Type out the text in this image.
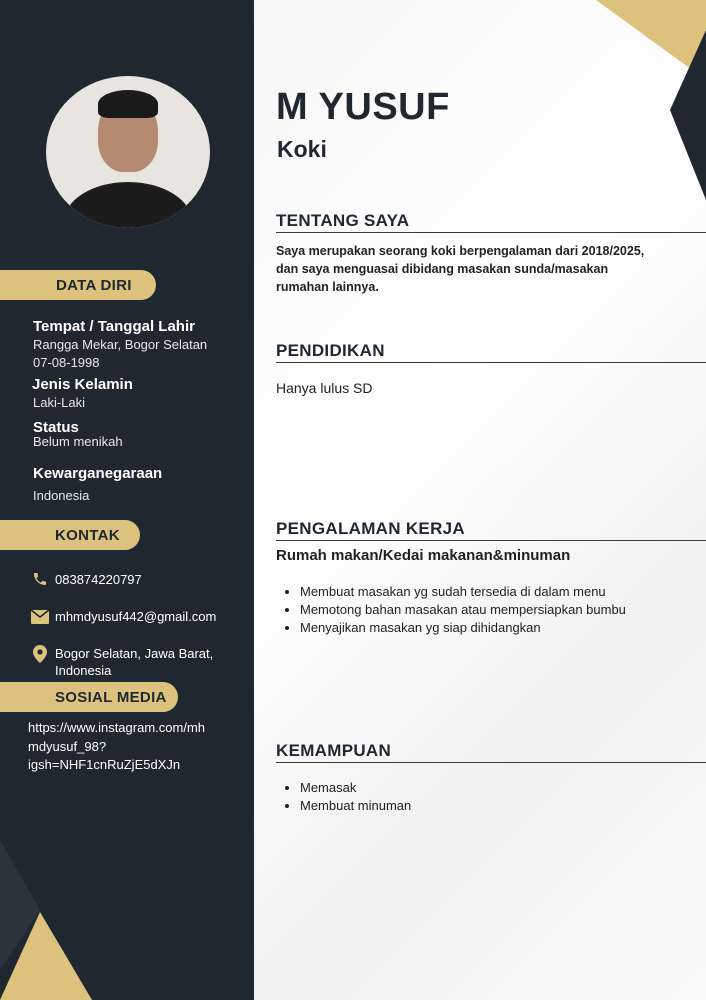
DATA DIRI
Tempat / Tanggal Lahir
Rangga Mekar, Bogor Selatan
07-08-1998
Jenis Kelamin
Laki-Laki
Status
Belum menikah
Kewarganegaraan
Indonesia
KONTAK
083874220797
mhmdyusuf442@gmail.com
Bogor Selatan, Jawa Barat,
Indonesia
SOSIAL MEDIA
https://www.instagram.com/mh
mdyusuf_98?
igsh=NHF1cnRuZjE5dXJn
M YUSUF
Koki
TENTANG SAYA
Saya merupakan seorang koki berpengalaman dari 2018/2025,
dan saya menguasai dibidang masakan sunda/masakan
rumahan lainnya.
PENDIDIKAN
Hanya lulus SD
PENGALAMAN KERJA
Rumah makan/Kedai makanan&minuman
• Membuat masakan yg sudah tersedia di dalam menu
• Memotong bahan masakan atau mempersiapkan bumbu
• Menyajikan masakan yg siap dihidangkan
KEMAMPUAN
• Memasak
• Membuat minuman
